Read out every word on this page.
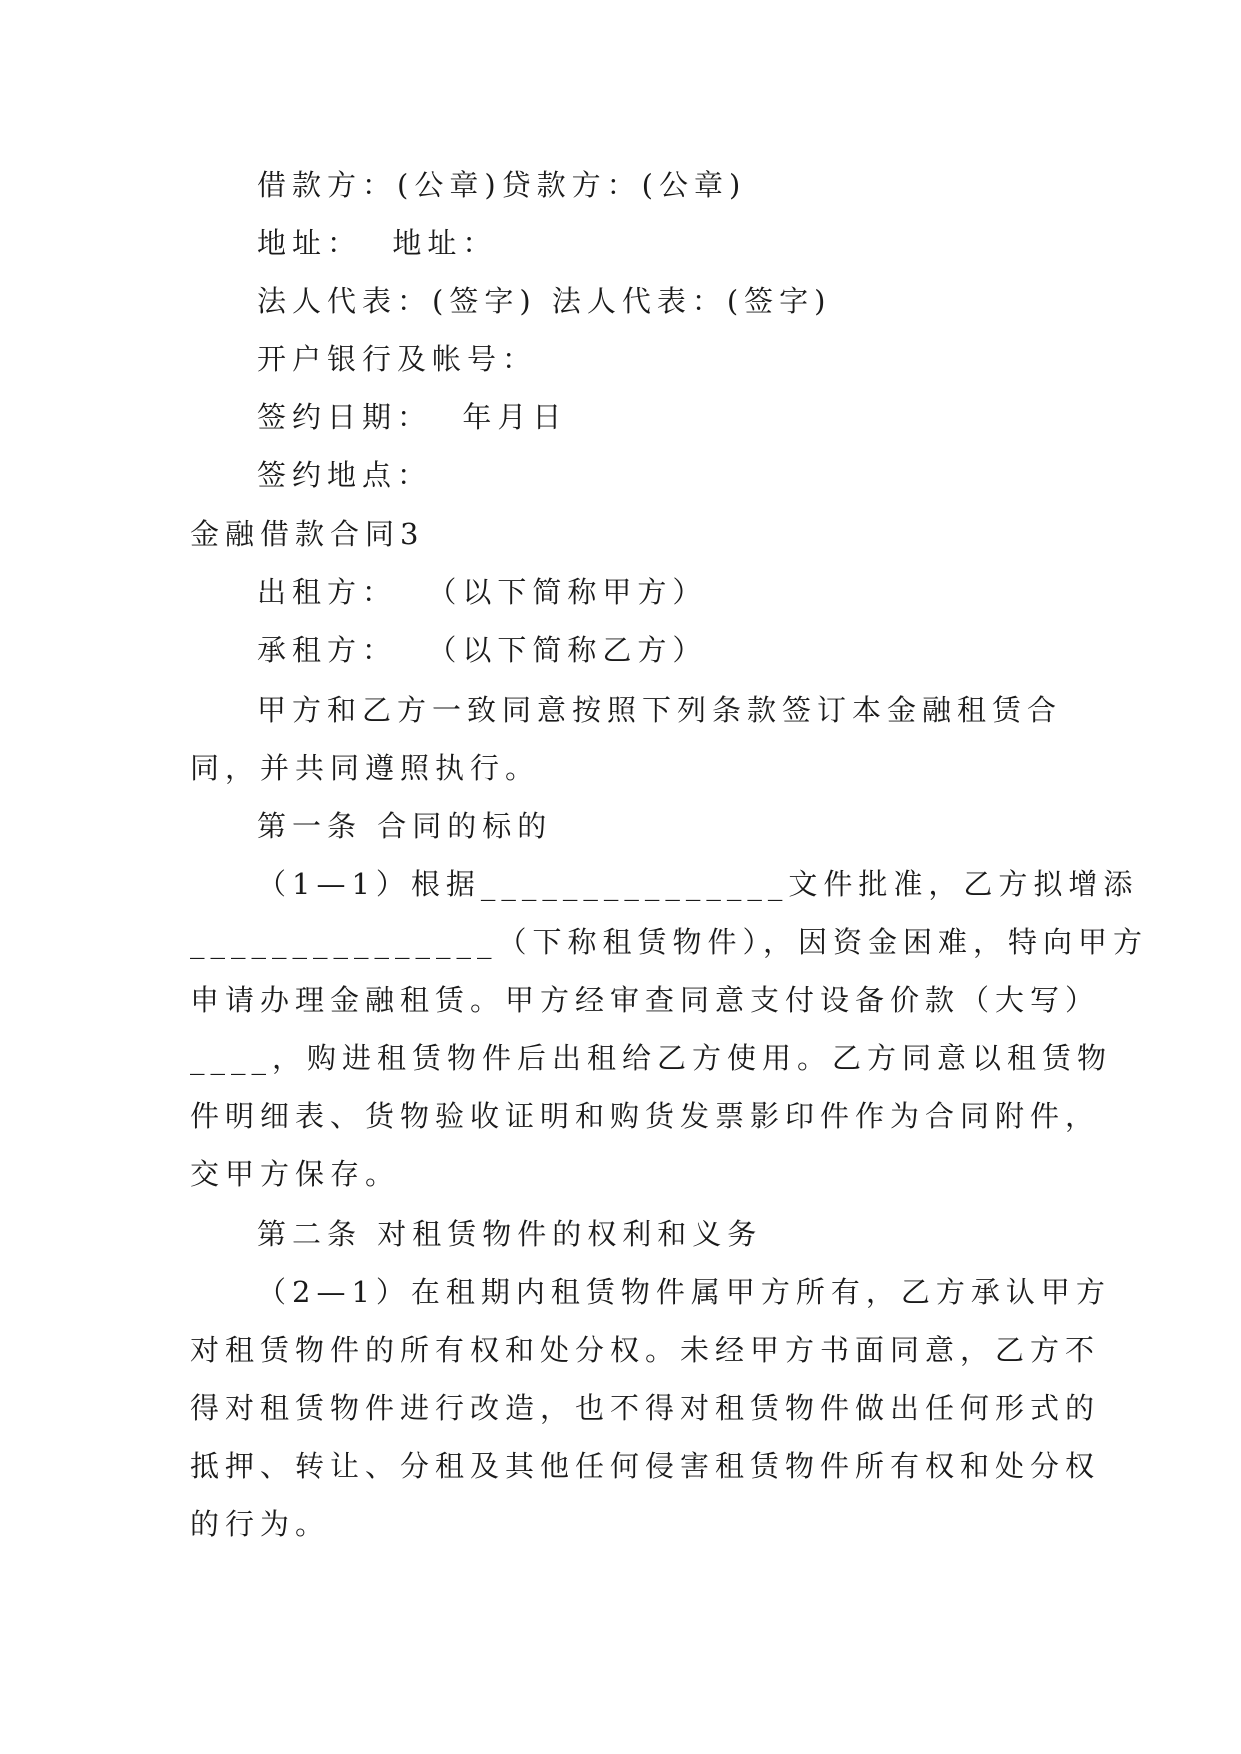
借款方：(公章)贷款方：(公章)

地址：  地址：

法人代表：(签字) 法人代表：(签字)

开户银行及帐号：

签约日期：  年月日

签约地点：

金融借款合同3

出租方：  （以下简称甲方）

承租方：  （以下简称乙方）

甲方和乙方一致同意按照下列条款签订本金融租赁合

同，并共同遵照执行。

第一条 合同的标的

（1—1）根据_______________文件批准，乙方拟增添

_______________（下称租赁物件），因资金困难，特向甲方

申请办理金融租赁。甲方经审查同意支付设备价款（大写）

____，购进租赁物件后出租给乙方使用。乙方同意以租赁物

件明细表、货物验收证明和购货发票影印件作为合同附件，

交甲方保存。

第二条 对租赁物件的权利和义务

（2—1）在租期内租赁物件属甲方所有，乙方承认甲方

对租赁物件的所有权和处分权。未经甲方书面同意，乙方不

得对租赁物件进行改造，也不得对租赁物件做出任何形式的

抵押、转让、分租及其他任何侵害租赁物件所有权和处分权

的行为。
